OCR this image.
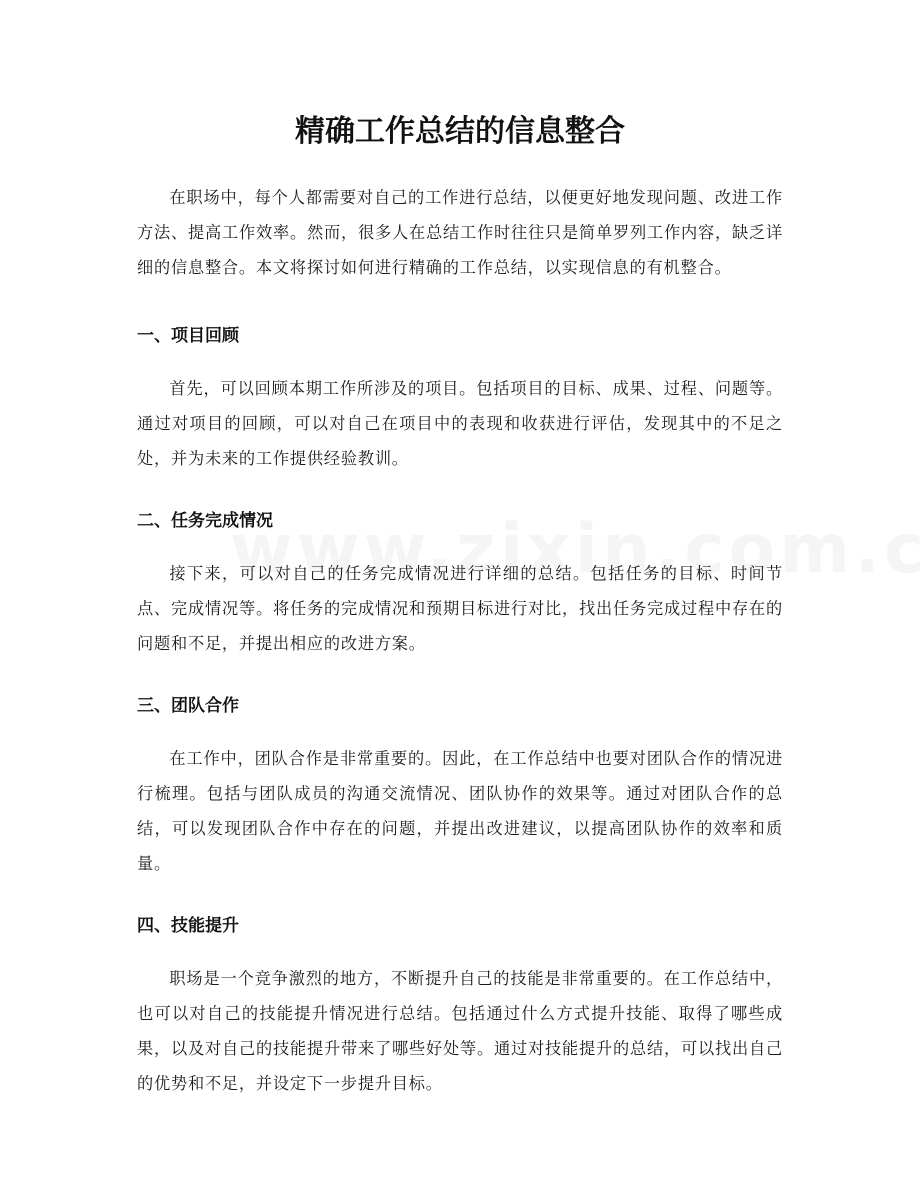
精确工作总结的信息整合

在职场中，每个人都需要对自己的工作进行总结，以便更好地发现问题、改进工作方法、提高工作效率。然而，很多人在总结工作时往往只是简单罗列工作内容，缺乏详细的信息整合。本文将探讨如何进行精确的工作总结，以实现信息的有机整合。

一、项目回顾

首先，可以回顾本期工作所涉及的项目。包括项目的目标、成果、过程、问题等。通过对项目的回顾，可以对自己在项目中的表现和收获进行评估，发现其中的不足之处，并为未来的工作提供经验教训。

二、任务完成情况

接下来，可以对自己的任务完成情况进行详细的总结。包括任务的目标、时间节点、完成情况等。将任务的完成情况和预期目标进行对比，找出任务完成过程中存在的问题和不足，并提出相应的改进方案。

三、团队合作

在工作中，团队合作是非常重要的。因此，在工作总结中也要对团队合作的情况进行梳理。包括与团队成员的沟通交流情况、团队协作的效果等。通过对团队合作的总结，可以发现团队合作中存在的问题，并提出改进建议，以提高团队协作的效率和质量。

四、技能提升

职场是一个竞争激烈的地方，不断提升自己的技能是非常重要的。在工作总结中，也可以对自己的技能提升情况进行总结。包括通过什么方式提升技能、取得了哪些成果，以及对自己的技能提升带来了哪些好处等。通过对技能提升的总结，可以找出自己的优势和不足，并设定下一步提升目标。
